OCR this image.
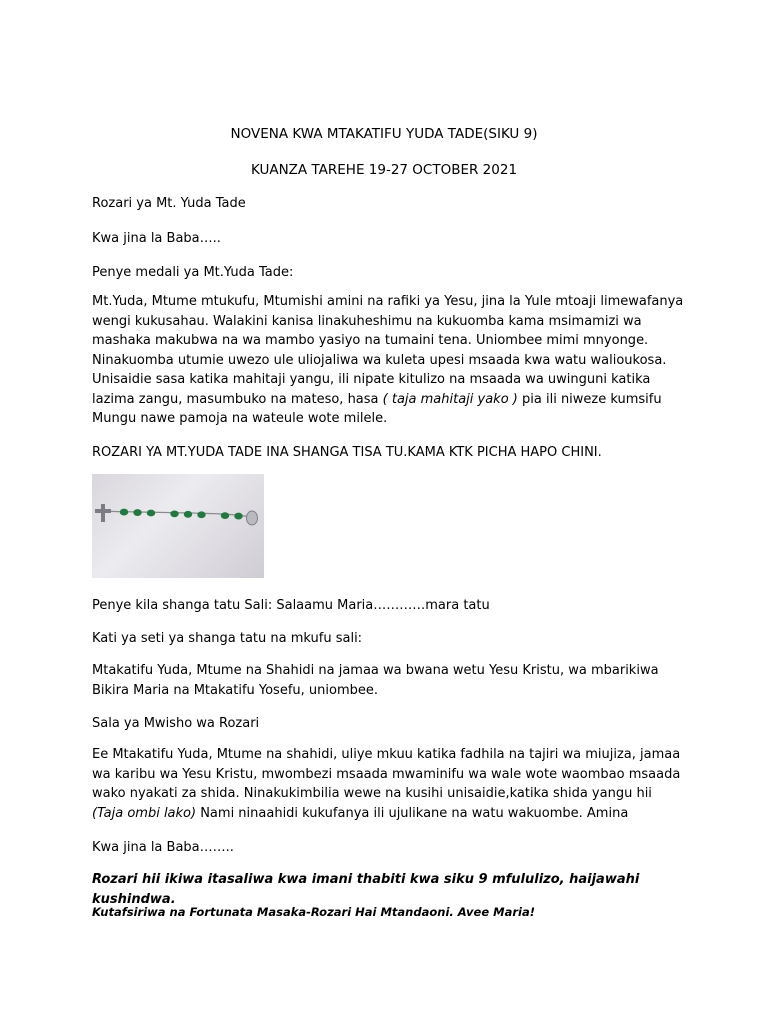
NOVENA KWA MTAKATIFU YUDA TADE(SIKU 9)
KUANZA TAREHE 19-27 OCTOBER 2021

Rozari ya Mt. Yuda Tade

Kwa jina la Baba…..

Penye medali ya Mt.Yuda Tade:

Mt.Yuda, Mtume mtukufu, Mtumishi amini na rafiki ya Yesu, jina la Yule mtoaji limewafanya wengi kukusahau. Walakini kanisa linakuheshimu na kukuomba kama msimamizi wa mashaka makubwa na wa mambo yasiyo na tumaini tena. Uniombee mimi mnyonge. Ninakuomba utumie uwezo ule uliojaliwa wa kuleta upesi msaada kwa watu walioukosa. Unisaidie sasa katika mahitaji yangu, ili nipate kitulizo na msaada wa uwinguni katika lazima zangu, masumbuko na mateso, hasa ( taja mahitaji yako ) pia ili niweze kumsifu Mungu nawe pamoja na wateule wote milele.

ROZARI YA MT.YUDA TADE INA SHANGA TISA TU.KAMA KTK PICHA HAPO CHINI.

Penye kila shanga tatu Sali: Salaamu Maria…………mara tatu

Kati ya seti ya shanga tatu na mkufu sali:

Mtakatifu Yuda, Mtume na Shahidi na jamaa wa bwana wetu Yesu Kristu, wa mbarikiwa Bikira Maria na Mtakatifu Yosefu, uniombee.

Sala ya Mwisho wa Rozari

Ee Mtakatifu Yuda, Mtume na shahidi, uliye mkuu katika fadhila na tajiri wa miujiza, jamaa wa karibu wa Yesu Kristu, mwombezi msaada mwaminifu wa wale wote waombao msaada wako nyakati za shida. Ninakukimbilia wewe na kusihi unisaidie,katika shida yangu hii (Taja ombi lako) Nami ninaahidi kukufanya ili ujulikane na watu wakuombe. Amina

Kwa jina la Baba……..

Rozari hii ikiwa itasaliwa kwa imani thabiti kwa siku 9 mfululizo, haijawahi kushindwa.

Kutafsiriwa na Fortunata Masaka-Rozari Hai Mtandaoni. Avee Maria!
